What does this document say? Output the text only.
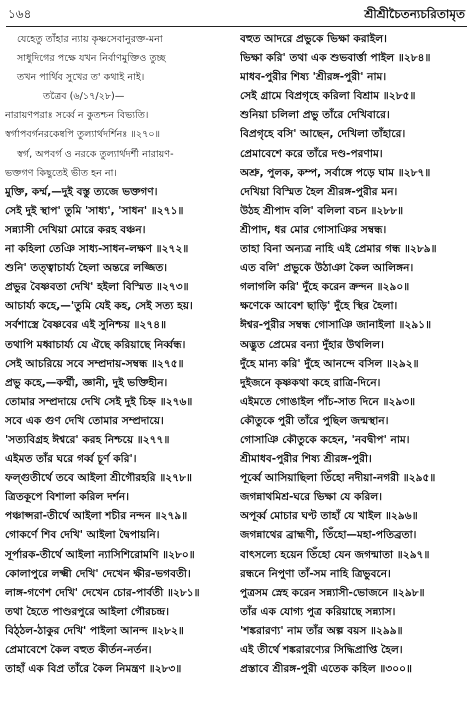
১৬৪	শ্রীশ্রীচৈতন্যচরিতামৃত
যেহেতু তাঁহার ন্যায় কৃষ্ণসেবানুরক্ত-মনা
সাধুদিগের পক্ষে যখন নির্বাণমুক্তিও তুচ্ছ
তখন পার্থিব সুখের ত' কথাই নাই।
তত্রৈব (৬/১৭/২৮)—
নারায়ণপরাঃ সর্ব্বে ন কুতশ্চন বিভ্যতি।
স্বর্গাপবর্গনরকেষ্বপি তুল্যার্থদর্শিনঃ ॥২৭০॥
স্বর্গ, অপবর্গ ও নরকে তুল্যার্থদর্শী নারায়ণ-
ভক্তগণ কিছুতেই ভীত হন না।
মুক্তি, কর্ম্ম,—দুই বস্তু ত্যজে ভক্তগণ।
সেই দুই স্থাপ' তুমি 'সাধ্য', 'সাধন' ॥২৭১॥
সন্ন্যাসী দেখিয়া মোরে করহ বঞ্চন।
না কহিলা তেঞি সাধ্য-সাধন-লক্ষণ ॥২৭২॥
শুনি' তত্ত্বাচার্য্য হৈলা অন্তরে লজ্জিত।
প্রভুর বৈষ্ণবতা দেখি' হইলা বিস্মিত ॥২৭৩॥
আচার্য্য কহে,—'তুমি যেই কহ, সেই সত্য হয়।
সর্বশাস্ত্রে বৈষ্ণবের এই সুনিশ্চয় ॥২৭৪॥
তথাপি মধ্বাচার্য্য যে ঐছে করিয়াছে নির্ব্বন্ধ।
সেই আচরিয়ে সবে সম্প্রদায়-সম্বন্ধ ॥২৭৫॥
প্রভু কহে,—কর্ম্মী, জ্ঞানী, দুই ভক্তিহীন।
তোমার সম্প্রদায়ে দেখি সেই দুই চিহ্ন ॥২৭৬॥
সবে এক গুণ দেখি তোমার সম্প্রদায়ে।
'সত্যবিগ্রহ ঈশ্বরে' করহ নিশ্চয়ে ॥২৭৭॥
এইমত তাঁর ঘরে গর্ব্ব চূর্ণ করি'।
ফল্গুতীর্থে তবে আইলা শ্রীগৌরহরি ॥২৭৮॥
ত্রিতকূপে বিশালা করিল দর্শন।
পঞ্চাপ্সরা-তীর্থে আইলা শচীর নন্দন ॥২৭৯॥
গোকর্ণে শিব দেখি' আইলা দ্বৈপায়নি।
সূর্পারক-তীর্থে আইলা ন্যাসিশিরোমণি ॥২৮০॥
কোলাপুরে লক্ষ্মী দেখি' দেখেন ক্ষীর-ভগবতী।
লাঙ্গ-গণেশ দেখি' দেখেন চোর-পার্বতী ॥২৮১॥
তথা হৈতে পাণ্ডরপুরে আইলা গৌরচন্দ্র।
বিঠ্ঠল-ঠাকুর দেখি' পাইলা আনন্দ ॥২৮২॥
প্রেমাবেশে কৈল বহুত কীর্তন-নর্তন।
তাহাঁ এক বিপ্র তাঁরে কৈল নিমন্ত্রণ ॥২৮৩॥
বহুত আদরে প্রভুকে ভিক্ষা করাইল।
ভিক্ষা করি' তথা এক শুভবার্ত্তা পাইল ॥২৮৪॥
মাধব-পুরীর শিষ্য 'শ্রীরঙ্গ-পুরী' নাম।
সেই গ্রামে বিপ্রগৃহে করিলা বিশ্রাম ॥২৮৫॥
শুনিয়া চলিলা প্রভু তাঁরে দেখিবারে।
বিপ্রগৃহে বসি' আছেন, দেখিলা তাঁহারে।
প্রেমাবেশে করে তাঁরে দণ্ড-পরণাম।
অশ্রু, পুলক, কম্প, সর্বাঙ্গে পড়ে ঘাম ॥২৮৭॥
দেখিয়া বিস্মিত হৈল শ্রীরঙ্গ-পুরীর মন।
উঠহ শ্রীপাদ বলি' বলিলা বচন ॥২৮৮॥
শ্রীপাদ, ধর মোর গোসাঞির সম্বন্ধ।
তাহা বিনা অন্যত্র নাহি এই প্রেমার গন্ধ ॥২৮৯॥
এত বলি' প্রভুকে উঠাঞা কৈল আলিঙ্গন।
গলাগলি করি' দুঁহে করেন ক্রন্দন ॥২৯০॥
ক্ষণেকে আবেশ ছাড়ি' দুঁহে স্থির হৈলা।
ঈশ্বর-পুরীর সম্বন্ধ গোসাঞি জানাইলা ॥২৯১॥
অদ্ভুত প্রেমের বন্যা দুঁহার উথলিল।
দুঁহে মান্য করি' দুঁহে আনন্দে বসিল ॥২৯২॥
দুইজনে কৃষ্ণকথা কহে রাত্রি-দিনে।
এইমতে গোঙাইল পাঁচ-সাত দিনে ॥২৯৩॥
কৌতুকে পুরী তাঁরে পুছিল জন্মস্থান।
গোসাঞি কৌতুকে কহেন, 'নবদ্বীপ' নাম।
শ্রীমাধব-পুরীর শিষ্য শ্রীরঙ্গ-পুরী।
পূর্ব্বে আসিয়াছিলা তিঁহো নদীয়া-নগরী ॥২৯৫॥
জগন্নাথমিশ্র-ঘরে ভিক্ষা যে করিল।
অপূর্ব্ব মোচার ঘণ্ট তাহাঁ যে খাইল ॥২৯৬॥
জগন্নাথের ব্রাহ্মণী, তিঁহো—মহা-পতিব্রতা।
বাৎসল্যে হয়েন তিঁহো যেন জগন্মাতা ॥২৯৭॥
রন্ধনে নিপুণা তাঁ-সম নাহি ত্রিভুবনে।
পুত্রসম স্নেহ করেন সন্ন্যাসী-ভোজনে ॥২৯৮॥
তাঁর এক যোগ্য পুত্র করিয়াছে সন্ন্যাস।
'শঙ্করারণ্য' নাম তাঁর অল্প বয়স ॥২৯৯॥
এই তীর্থে শঙ্করারণ্যের সিদ্ধিপ্রাপ্তি হৈল।
প্রস্তাবে শ্রীরঙ্গ-পুরী এতেক কহিল ॥৩০০॥
